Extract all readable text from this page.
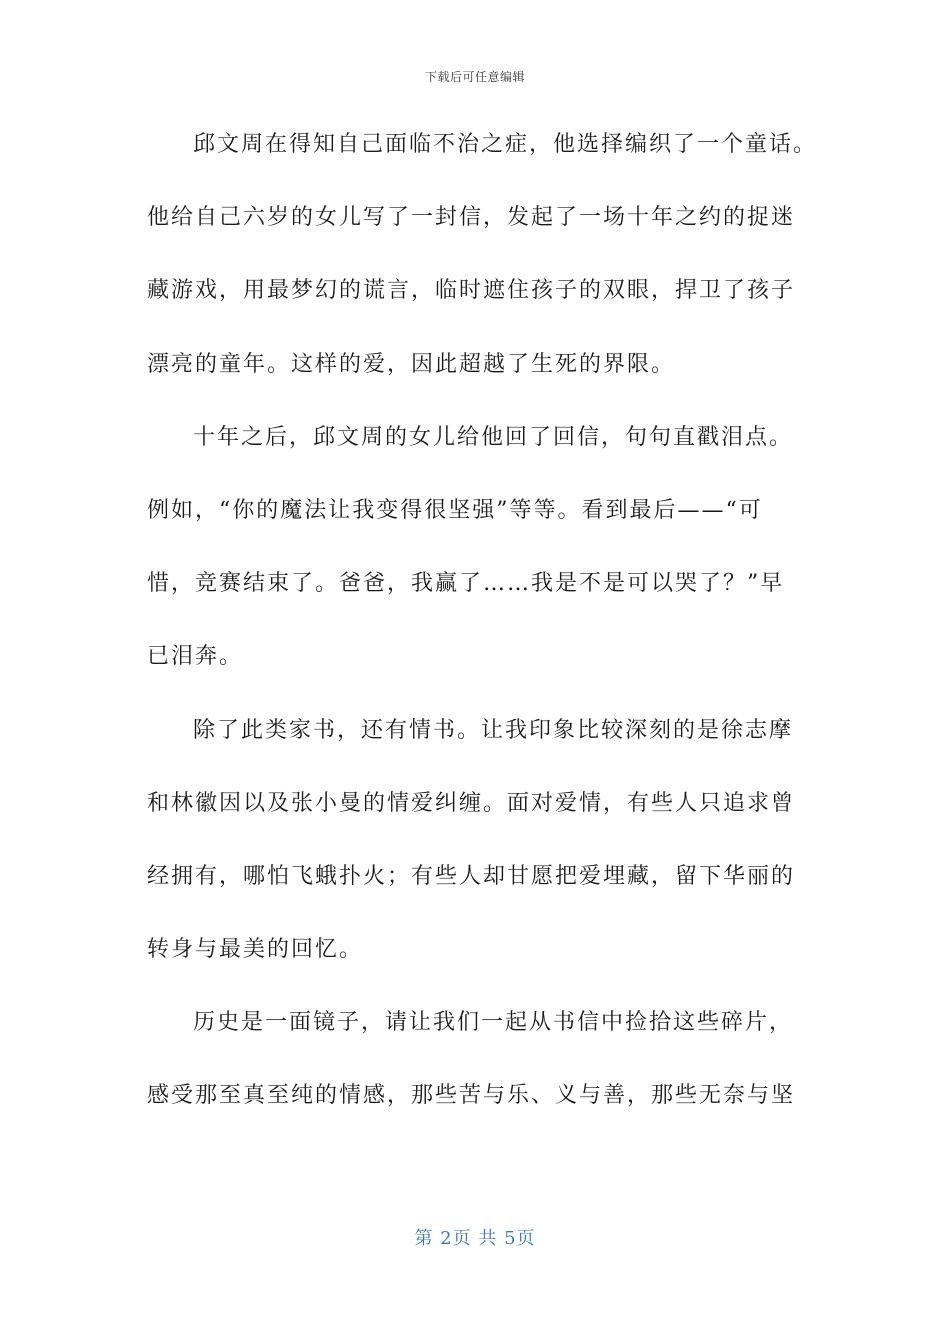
下载后可任意编辑
邱文周在得知自己面临不治之症，他选择编织了一个童话。
他给自己六岁的女儿写了一封信，发起了一场十年之约的捉迷
藏游戏，用最梦幻的谎言，临时遮住孩子的双眼，捍卫了孩子
漂亮的童年。这样的爱，因此超越了生死的界限。
十年之后，邱文周的女儿给他回了回信，句句直戳泪点。
例如，“你的魔法让我变得很坚强”等等。看到最后——“可
惜，竞赛结束了。爸爸，我赢了……我是不是可以哭了？”早
已泪奔。
除了此类家书，还有情书。让我印象比较深刻的是徐志摩
和林徽因以及张小曼的情爱纠缠。面对爱情，有些人只追求曾
经拥有，哪怕飞蛾扑火；有些人却甘愿把爱埋藏，留下华丽的
转身与最美的回忆。
历史是一面镜子，请让我们一起从书信中捡拾这些碎片，
感受那至真至纯的情感，那些苦与乐、义与善，那些无奈与坚
第 2页 共 5页
